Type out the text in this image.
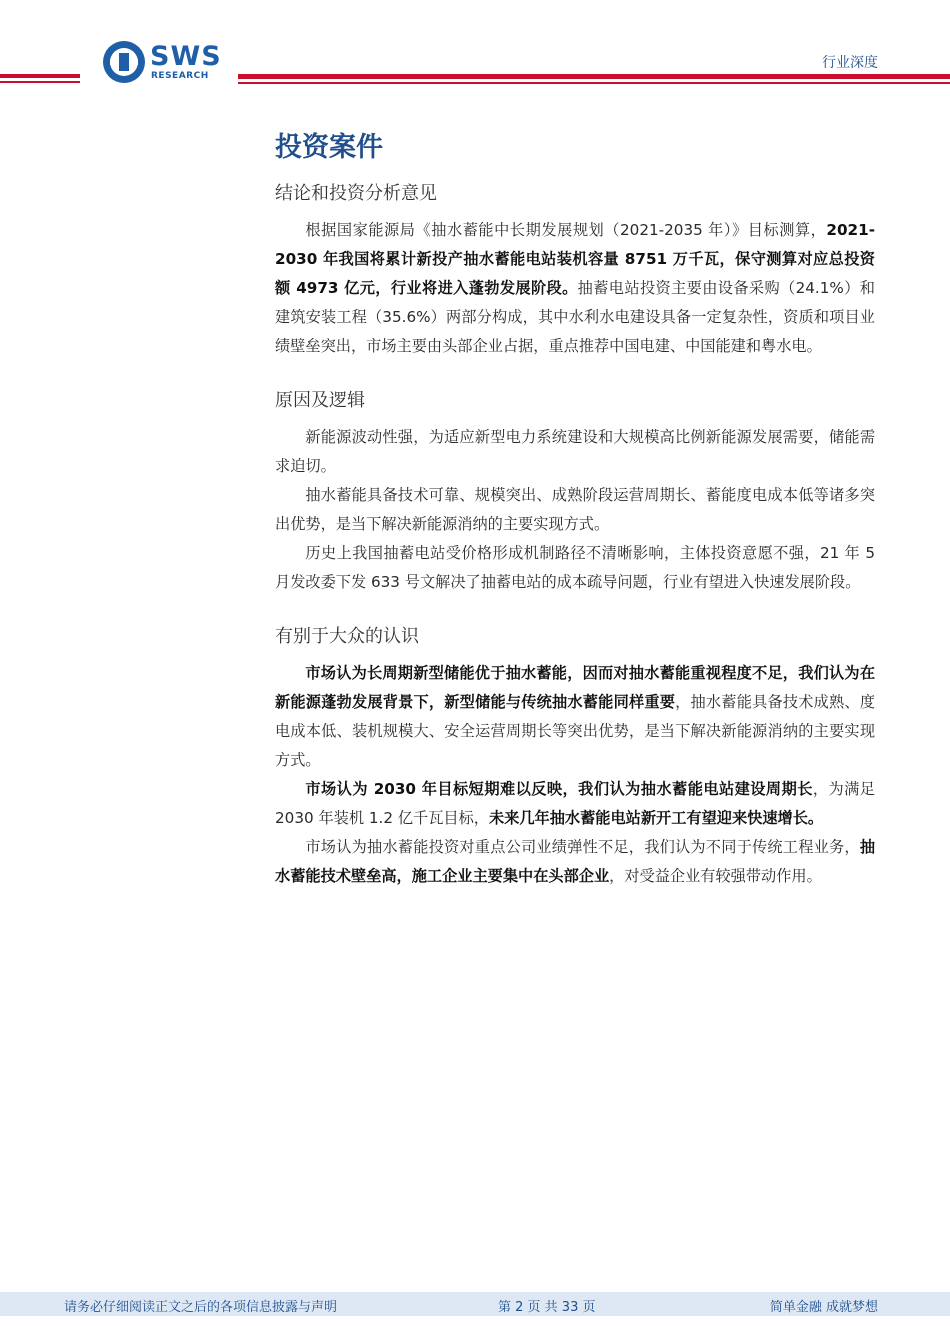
SWS
RESEARCH
行业深度
投资案件
结论和投资分析意见

根据国家能源局《抽水蓄能中长期发展规划（2021-2035 年）》目标测算，2021-2030 年我国将累计新投产抽水蓄能电站装机容量 8751 万千瓦，保守测算对应总投资额 4973 亿元，行业将进入蓬勃发展阶段。抽蓄电站投资主要由设备采购（24.1%）和建筑安装工程（35.6%）两部分构成，其中水利水电建设具备一定复杂性，资质和项目业绩壁垒突出，市场主要由头部企业占据，重点推荐中国电建、中国能建和粤水电。

原因及逻辑

新能源波动性强，为适应新型电力系统建设和大规模高比例新能源发展需要，储能需求迫切。

抽水蓄能具备技术可靠、规模突出、成熟阶段运营周期长、蓄能度电成本低等诸多突出优势，是当下解决新能源消纳的主要实现方式。

历史上我国抽蓄电站受价格形成机制路径不清晰影响，主体投资意愿不强，21 年 5 月发改委下发 633 号文解决了抽蓄电站的成本疏导问题，行业有望进入快速发展阶段。

有别于大众的认识

市场认为长周期新型储能优于抽水蓄能，因而对抽水蓄能重视程度不足，我们认为在新能源蓬勃发展背景下，新型储能与传统抽水蓄能同样重要，抽水蓄能具备技术成熟、度电成本低、装机规模大、安全运营周期长等突出优势，是当下解决新能源消纳的主要实现方式。

市场认为 2030 年目标短期难以反映，我们认为抽水蓄能电站建设周期长，为满足 2030 年装机 1.2 亿千瓦目标，未来几年抽水蓄能电站新开工有望迎来快速增长。

市场认为抽水蓄能投资对重点公司业绩弹性不足，我们认为不同于传统工程业务，抽水蓄能技术壁垒高，施工企业主要集中在头部企业，对受益企业有较强带动作用。

请务必仔细阅读正文之后的各项信息披露与声明	第 2 页 共 33 页	简单金融 成就梦想
